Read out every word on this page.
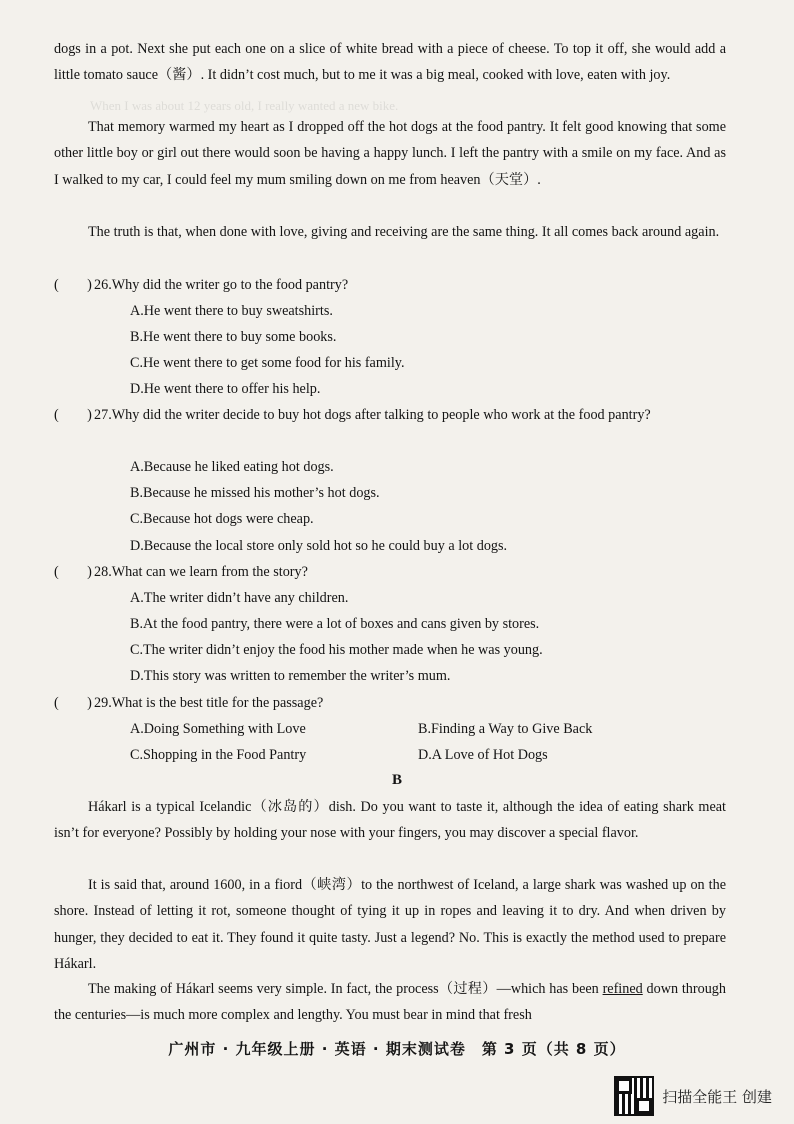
When I was about 12 years old, I really wanted a new bike.

dogs in a pot. Next she put each one on a slice of white bread with a piece of cheese. To top it off, she would add a little tomato sauce（酱）. It didn’t cost much, but to me it was a big meal, cooked with love, eaten with joy.

That memory warmed my heart as I dropped off the hot dogs at the food pantry. It felt good knowing that some other little boy or girl out there would soon be having a happy lunch. I left the pantry with a smile on my face. And as I walked to my car, I could feel my mum smiling down on me from heaven（天堂）.

The truth is that, when done with love, giving and receiving are the same thing. It all comes back around again.

(　　) 26.Why did the writer go to the food pantry?

A.He went there to buy sweatshirts.

B.He went there to buy some books.

C.He went there to get some food for his family.

D.He went there to offer his help.

(　　) 27.Why did the writer decide to buy hot dogs after talking to people who work at the food pantry?

A.Because he liked eating hot dogs.

B.Because he missed his mother’s hot dogs.

C.Because hot dogs were cheap.

D.Because the local store only sold hot so he could buy a lot dogs.

(　　) 28.What can we learn from the story?

A.The writer didn’t have any children.

B.At the food pantry, there were a lot of boxes and cans given by stores.

C.The writer didn’t enjoy the food his mother made when he was young.

D.This story was written to remember the writer’s mum.

(　　) 29.What is the best title for the passage?

A.Doing Something with Love	B.Finding a Way to Give Back

C.Shopping in the Food Pantry	D.A Love of Hot Dogs

B

Hákarl is a typical Icelandic（冰岛的）dish. Do you want to taste it, although the idea of eating shark meat isn’t for everyone? Possibly by holding your nose with your fingers, you may discover a special flavor.

It is said that, around 1600, in a fiord（峡湾）to the northwest of Iceland, a large shark was washed up on the shore. Instead of letting it rot, someone thought of tying it up in ropes and leaving it to dry. And when driven by hunger, they decided to eat it. They found it quite tasty. Just a legend? No. This is exactly the method used to prepare Hákarl.

The making of Hákarl seems very simple. In fact, the process（过程）—which has been refined down through the centuries—is much more complex and lengthy. You must bear in mind that fresh

广州市 · 九年级上册 · 英语 · 期末测试卷　第 3 页（共 8 页）
扫描全能王 创建
